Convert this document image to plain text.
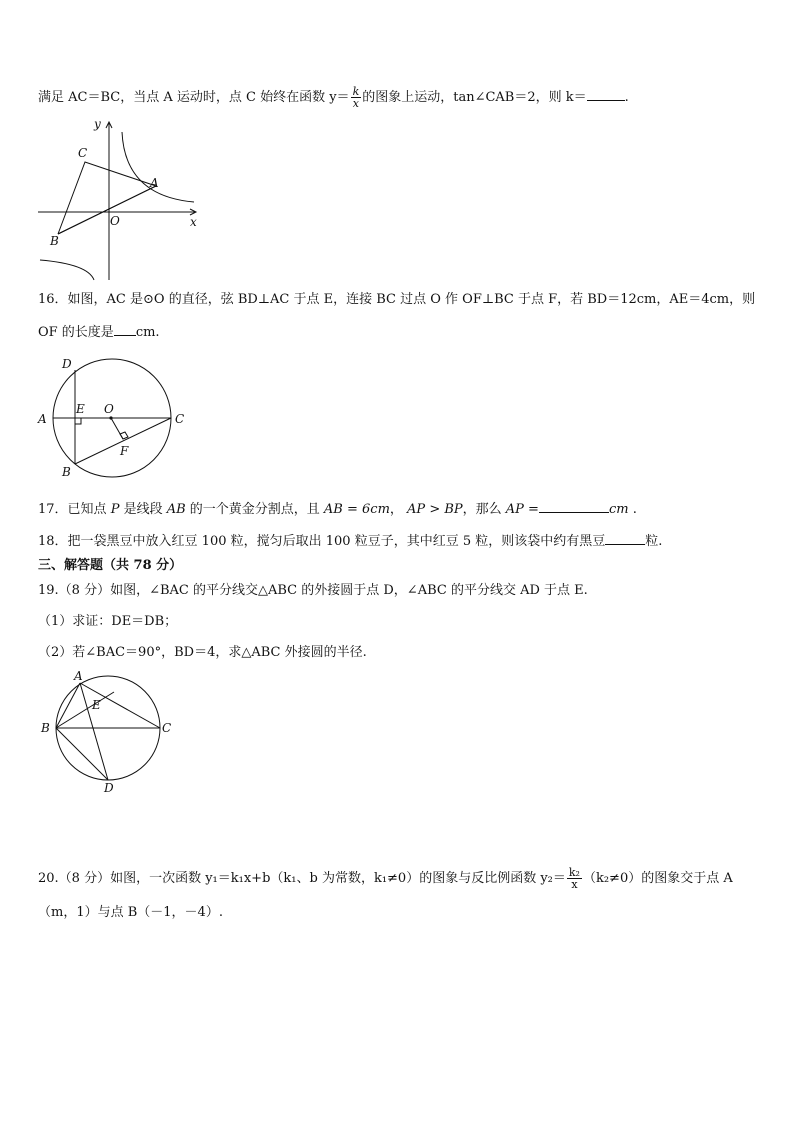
满足 AC＝BC，当点 A 运动时，点 C 始终在函数 $y= \frac{k}{x}$ 的图象上运动，tan∠CAB＝2，则 k＝	.
y
x
C
A
O
B
16．如图，AC 是⊙O 的直径，弦 BD⊥AC 于点 E，连接 BC 过点 O 作 OF⊥BC 于点 F，若 BD＝12cm，AE＝4cm，则
OF 的长度是 cm.
D
A
E O
C
F
B
17．已知点 P 是线段 AB 的一个黄金分割点，且 AB = 6cm， AP > BP，那么 AP =	cm .
18．把一袋黑豆中放入红豆 100 粒，搅匀后取出 100 粒豆子，其中红豆 5 粒，则该袋中约有黑豆	粒.
三、解答题（共 78 分）
19.（8 分）如图，∠BAC 的平分线交△ABC 的外接圆于点 D，∠ABC 的平分线交 AD 于点 E.
（1）求证：DE＝DB；
（2）若∠BAC＝90°，BD＝4，求△ABC 外接圆的半径.
A
E
B	C
D
20.（8 分）如图，一次函数 y₁＝k₁x+b（k₁、b 为常数，k₁≠0）的图象与反比例函数 $y_2= \frac{\text{k₂}}{x} (k_2\ne 0)$的图象交于点 A
（m，1）与点 B（－1，－4）.
